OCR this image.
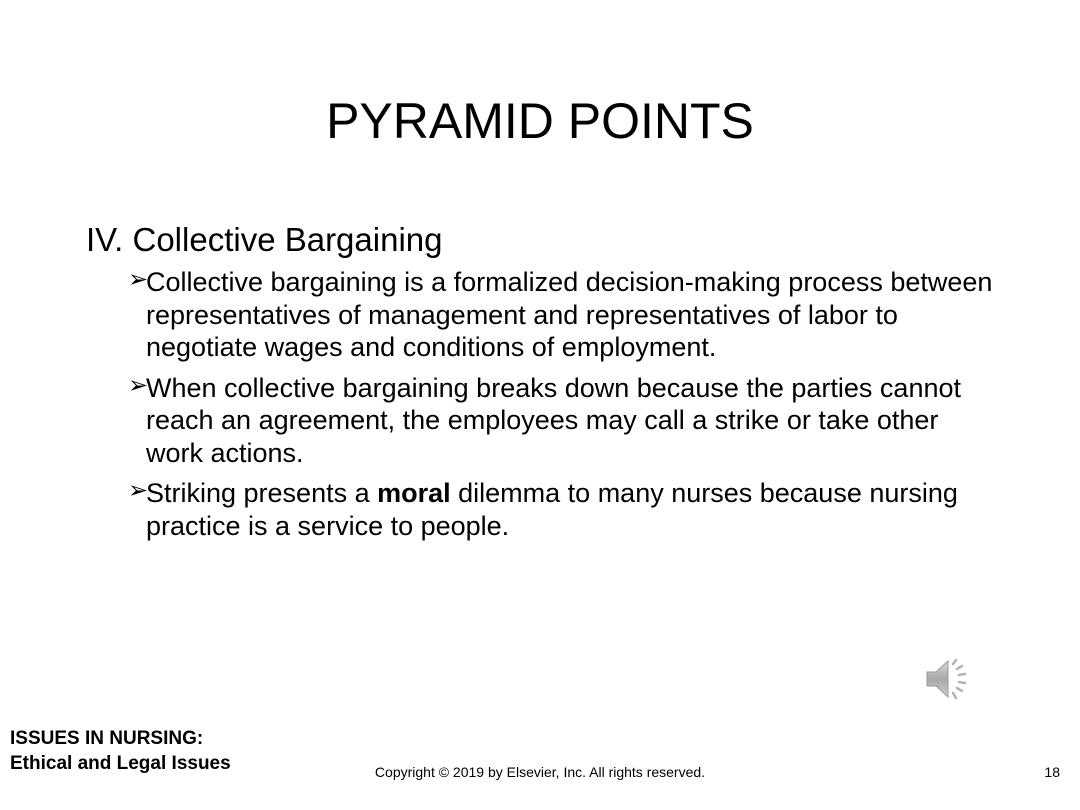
PYRAMID POINTS
IV. Collective Bargaining
➢
Collective bargaining is a formalized decision-making process between representatives of management and representatives of labor to negotiate wages and conditions of employment.
➢
When collective bargaining breaks down because the parties cannot reach an agreement, the employees may call a strike or take other work actions.
➢
Striking presents a moral dilemma to many nurses because nursing practice is a service to people.
ISSUES IN NURSING:
Ethical and Legal Issues	Copyright © 2019 by Elsevier, Inc. All rights reserved.	18
